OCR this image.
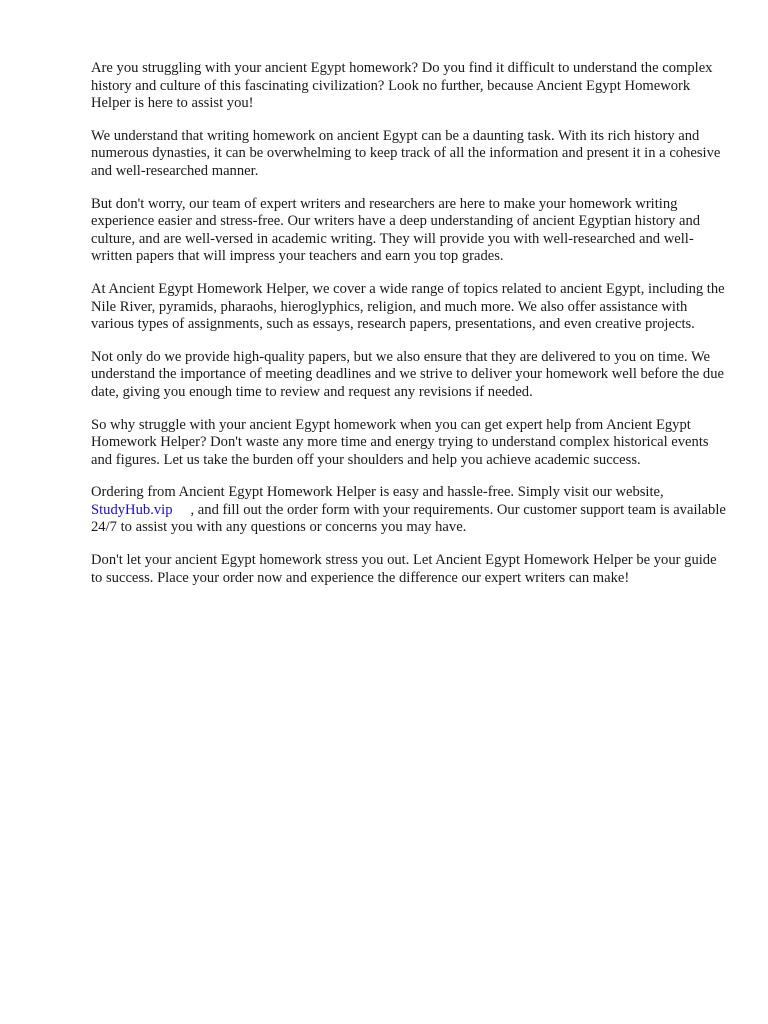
Are you struggling with your ancient Egypt homework? Do you find it difficult to understand the complex history and culture of this fascinating civilization? Look no further, because Ancient Egypt Homework Helper is here to assist you!

We understand that writing homework on ancient Egypt can be a daunting task. With its rich history and numerous dynasties, it can be overwhelming to keep track of all the information and present it in a cohesive and well-researched manner.

But don't worry, our team of expert writers and researchers are here to make your homework writing experience easier and stress-free. Our writers have a deep understanding of ancient Egyptian history and culture, and are well-versed in academic writing. They will provide you with well-researched and well-written papers that will impress your teachers and earn you top grades.

At Ancient Egypt Homework Helper, we cover a wide range of topics related to ancient Egypt, including the Nile River, pyramids, pharaohs, hieroglyphics, religion, and much more. We also offer assistance with various types of assignments, such as essays, research papers, presentations, and even creative projects.

Not only do we provide high-quality papers, but we also ensure that they are delivered to you on time. We understand the importance of meeting deadlines and we strive to deliver your homework well before the due date, giving you enough time to review and request any revisions if needed.

So why struggle with your ancient Egypt homework when you can get expert help from Ancient Egypt Homework Helper? Don't waste any more time and energy trying to understand complex historical events and figures. Let us take the burden off your shoulders and help you achieve academic success.

Ordering from Ancient Egypt Homework Helper is easy and hassle-free. Simply visit our website, StudyHub.vip , and fill out the order form with your requirements. Our customer support team is available 24/7 to assist you with any questions or concerns you may have.

Don't let your ancient Egypt homework stress you out. Let Ancient Egypt Homework Helper be your guide to success. Place your order now and experience the difference our expert writers can make!
